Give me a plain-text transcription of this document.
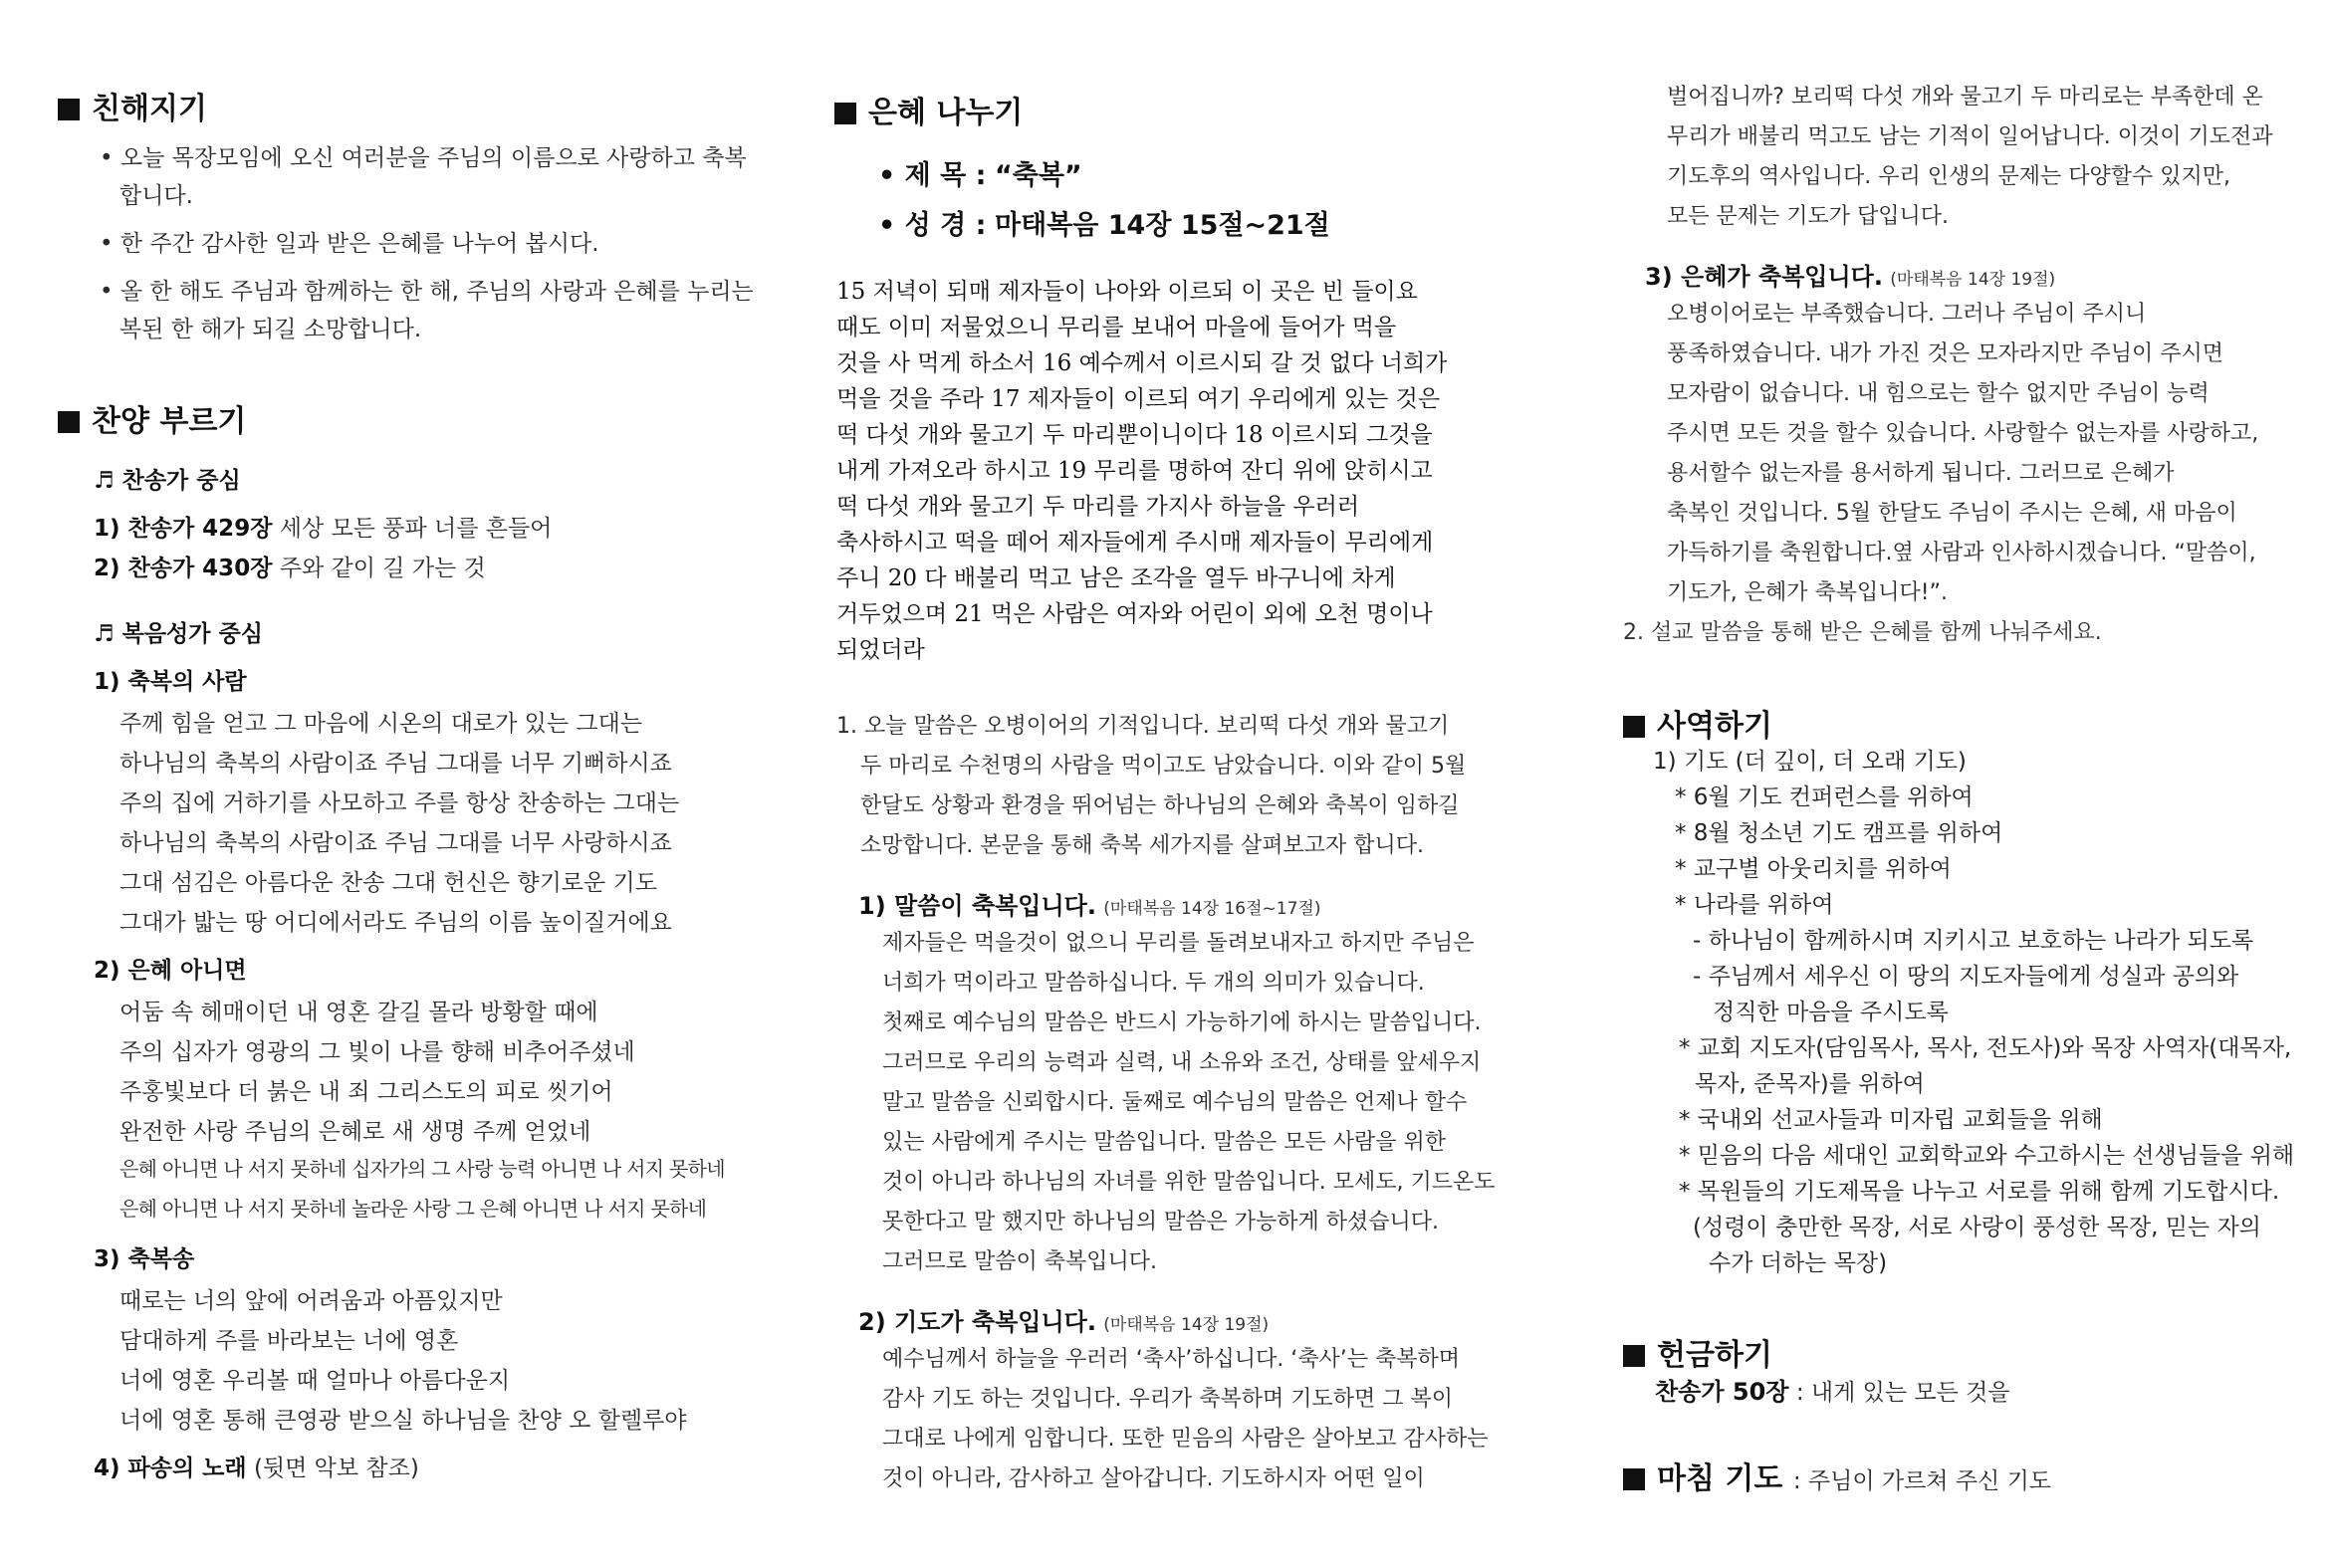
친해지기
• 오늘 목장모임에 오신 여러분을 주님의 이름으로 사랑하고 축복
합니다.
• 한 주간 감사한 일과 받은 은혜를 나누어 봅시다.
• 올 한 해도 주님과 함께하는 한 해, 주님의 사랑과 은혜를 누리는
복된 한 해가 되길 소망합니다.
찬양 부르기
♬ 찬송가 중심
1) 찬송가 429장 세상 모든 풍파 너를 흔들어
2) 찬송가 430장 주와 같이 길 가는 것
♬ 복음성가 중심
1) 축복의 사람
주께 힘을 얻고 그 마음에 시온의 대로가 있는 그대는
하나님의 축복의 사람이죠 주님 그대를 너무 기뻐하시죠
주의 집에 거하기를 사모하고 주를 항상 찬송하는 그대는
하나님의 축복의 사람이죠 주님 그대를 너무 사랑하시죠
그대 섬김은 아름다운 찬송 그대 헌신은 향기로운 기도
그대가 밟는 땅 어디에서라도 주님의 이름 높이질거에요
2) 은혜 아니면
어둠 속 헤매이던 내 영혼 갈길 몰라 방황할 때에
주의 십자가 영광의 그 빛이 나를 향해 비추어주셨네
주홍빛보다 더 붉은 내 죄 그리스도의 피로 씻기어
완전한 사랑 주님의 은혜로 새 생명 주께 얻었네
은혜 아니면 나 서지 못하네 십자가의 그 사랑 능력 아니면 나 서지 못하네
은혜 아니면 나 서지 못하네 놀라운 사랑 그 은혜 아니면 나 서지 못하네
3) 축복송
때로는 너의 앞에 어려움과 아픔있지만
담대하게 주를 바라보는 너에 영혼
너에 영혼 우리볼 때 얼마나 아름다운지
너에 영혼 통해 큰영광 받으실 하나님을 찬양 오 할렐루야
4) 파송의 노래 (뒷면 악보 참조)
은혜 나누기
• 제 목 : “축복”
• 성 경 : 마태복음 14장 15절~21절
15 저녁이 되매 제자들이 나아와 이르되 이 곳은 빈 들이요
때도 이미 저물었으니 무리를 보내어 마을에 들어가 먹을
것을 사 먹게 하소서 16 예수께서 이르시되 갈 것 없다 너희가
먹을 것을 주라 17 제자들이 이르되 여기 우리에게 있는 것은
떡 다섯 개와 물고기 두 마리뿐이니이다 18 이르시되 그것을
내게 가져오라 하시고 19 무리를 명하여 잔디 위에 앉히시고
떡 다섯 개와 물고기 두 마리를 가지사 하늘을 우러러
축사하시고 떡을 떼어 제자들에게 주시매 제자들이 무리에게
주니 20 다 배불리 먹고 남은 조각을 열두 바구니에 차게
거두었으며 21 먹은 사람은 여자와 어린이 외에 오천 명이나
되었더라
1. 오늘 말씀은 오병이어의 기적입니다. 보리떡 다섯 개와 물고기
두 마리로 수천명의 사람을 먹이고도 남았습니다. 이와 같이 5월
한달도 상황과 환경을 뛰어넘는 하나님의 은혜와 축복이 임하길
소망합니다. 본문을 통해 축복 세가지를 살펴보고자 합니다.
1) 말씀이 축복입니다. (마태복음 14장 16절~17절)
제자들은 먹을것이 없으니 무리를 돌려보내자고 하지만 주님은
너희가 먹이라고 말씀하십니다. 두 개의 의미가 있습니다.
첫째로 예수님의 말씀은 반드시 가능하기에 하시는 말씀입니다.
그러므로 우리의 능력과 실력, 내 소유와 조건, 상태를 앞세우지
말고 말씀을 신뢰합시다. 둘째로 예수님의 말씀은 언제나 할수
있는 사람에게 주시는 말씀입니다. 말씀은 모든 사람을 위한
것이 아니라 하나님의 자녀를 위한 말씀입니다. 모세도, 기드온도
못한다고 말 했지만 하나님의 말씀은 가능하게 하셨습니다.
그러므로 말씀이 축복입니다.
2) 기도가 축복입니다. (마태복음 14장 19절)
예수님께서 하늘을 우러러 ‘축사’하십니다. ‘축사’는 축복하며
감사 기도 하는 것입니다. 우리가 축복하며 기도하면 그 복이
그대로 나에게 임합니다. 또한 믿음의 사람은 살아보고 감사하는
것이 아니라, 감사하고 살아갑니다. 기도하시자 어떤 일이
벌어집니까? 보리떡 다섯 개와 물고기 두 마리로는 부족한데 온
무리가 배불리 먹고도 남는 기적이 일어납니다. 이것이 기도전과
기도후의 역사입니다. 우리 인생의 문제는 다양할수 있지만,
모든 문제는 기도가 답입니다.
3) 은혜가 축복입니다. (마태복음 14장 19절)
오병이어로는 부족했습니다. 그러나 주님이 주시니
풍족하였습니다. 내가 가진 것은 모자라지만 주님이 주시면
모자람이 없습니다. 내 힘으로는 할수 없지만 주님이 능력
주시면 모든 것을 할수 있습니다. 사랑할수 없는자를 사랑하고,
용서할수 없는자를 용서하게 됩니다. 그러므로 은혜가
축복인 것입니다. 5월 한달도 주님이 주시는 은혜, 새 마음이
가득하기를 축원합니다.옆 사람과 인사하시겠습니다. “말씀이,
기도가, 은혜가 축복입니다!”.
2. 설교 말씀을 통해 받은 은혜를 함께 나눠주세요.
사역하기
1) 기도 (더 깊이, 더 오래 기도)
* 6월 기도 컨퍼런스를 위하여
* 8월 청소년 기도 캠프를 위하여
* 교구별 아웃리치를 위하여
* 나라를 위하여
- 하나님이 함께하시며 지키시고 보호하는 나라가 되도록
- 주님께서 세우신 이 땅의 지도자들에게 성실과 공의와
정직한 마음을 주시도록
* 교회 지도자(담임목사, 목사, 전도사)와 목장 사역자(대목자,
목자, 준목자)를 위하여
* 국내외 선교사들과 미자립 교회들을 위해
* 믿음의 다음 세대인 교회학교와 수고하시는 선생님들을 위해
* 목원들의 기도제목을 나누고 서로를 위해 함께 기도합시다.
(성령이 충만한 목장, 서로 사랑이 풍성한 목장, 믿는 자의
수가 더하는 목장)
헌금하기
찬송가 50장 : 내게 있는 모든 것을
마침 기도 : 주님이 가르쳐 주신 기도
